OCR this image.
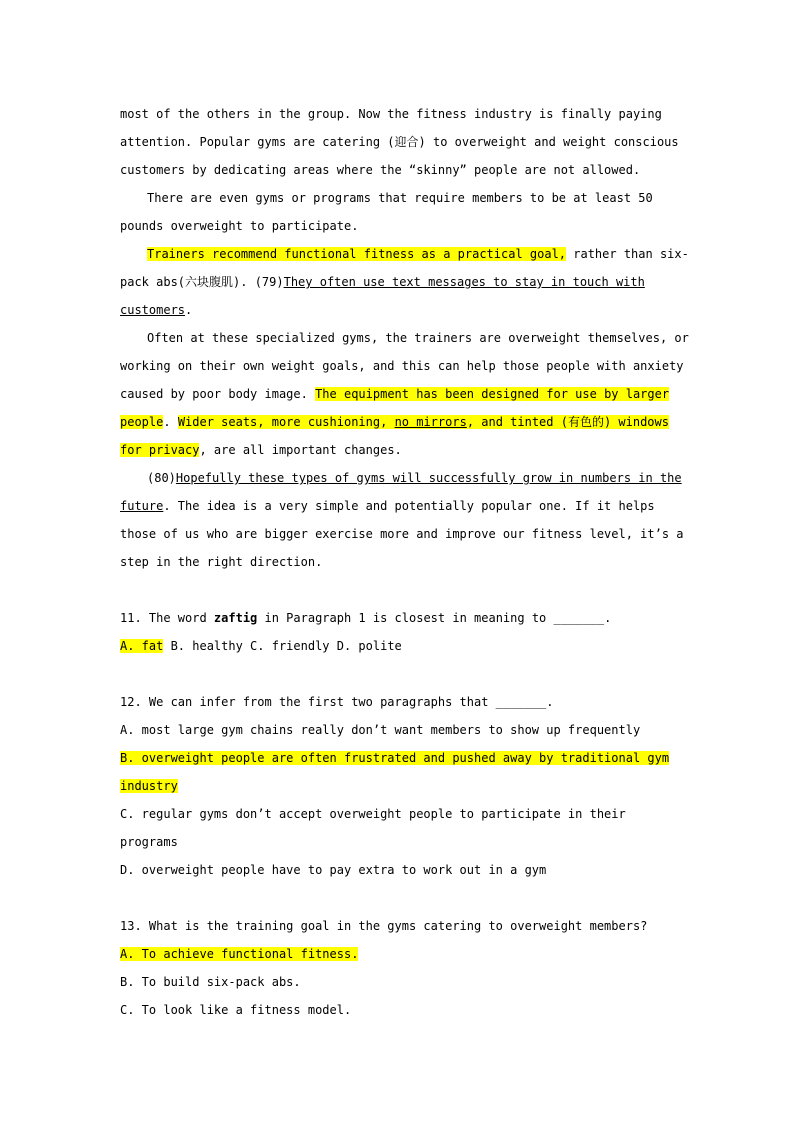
most of the others in the group. Now the fitness industry is finally paying
attention. Popular gyms are catering (迎合) to overweight and weight conscious
customers by dedicating areas where the “skinny” people are not allowed.
There are even gyms or programs that require members to be at least 50
pounds overweight to participate.
Trainers recommend functional fitness as a practical goal, rather than six-
pack abs(六块腹肌). (79)They often use text messages to stay in touch with
customers.
Often at these specialized gyms, the trainers are overweight themselves, or
working on their own weight goals, and this can help those people with anxiety
caused by poor body image. The equipment has been designed for use by larger
people. Wider seats, more cushioning, no mirrors, and tinted (有色的) windows
for privacy, are all important changes.
(80)Hopefully these types of gyms will successfully grow in numbers in the
future. The idea is a very simple and potentially popular one. If it helps
those of us who are bigger exercise more and improve our fitness level, it’s a
step in the right direction.
11. The word zaftig in Paragraph 1 is closest in meaning to _______.
A. fat B. healthy C. friendly D. polite
12. We can infer from the first two paragraphs that _______.
A. most large gym chains really don’t want members to show up frequently
B. overweight people are often frustrated and pushed away by traditional gym
industry
C. regular gyms don’t accept overweight people to participate in their
programs
D. overweight people have to pay extra to work out in a gym
13. What is the training goal in the gyms catering to overweight members?
A. To achieve functional fitness.
B. To build six-pack abs.
C. To look like a fitness model.
